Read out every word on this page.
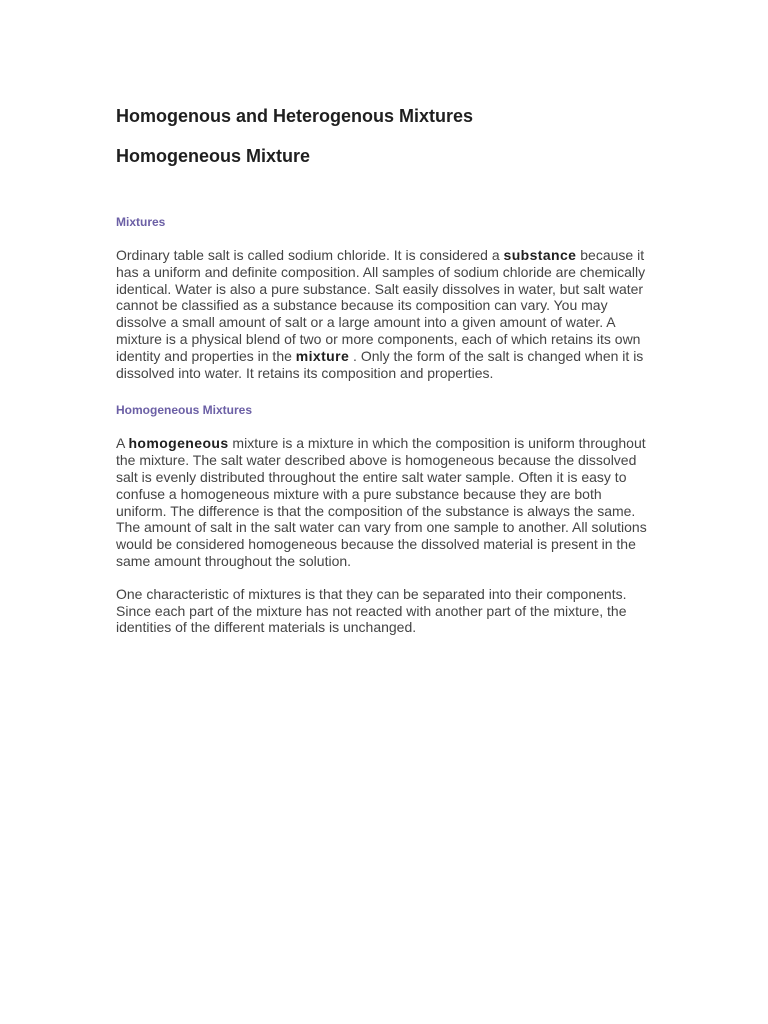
Homogenous and Heterogenous Mixtures
Homogeneous Mixture
Mixtures

Ordinary table salt is called sodium chloride. It is considered a substance because it has a uniform and definite composition. All samples of sodium chloride are chemically identical. Water is also a pure substance. Salt easily dissolves in water, but salt water cannot be classified as a substance because its composition can vary. You may dissolve a small amount of salt or a large amount into a given amount of water. A mixture is a physical blend of two or more components, each of which retains its own identity and properties in the mixture . Only the form of the salt is changed when it is dissolved into water. It retains its composition and properties.

Homogeneous Mixtures

A homogeneous mixture is a mixture in which the composition is uniform throughout the mixture. The salt water described above is homogeneous because the dissolved salt is evenly distributed throughout the entire salt water sample. Often it is easy to confuse a homogeneous mixture with a pure substance because they are both uniform. The difference is that the composition of the substance is always the same. The amount of salt in the salt water can vary from one sample to another. All solutions would be considered homogeneous because the dissolved material is present in the same amount throughout the solution.

One characteristic of mixtures is that they can be separated into their components. Since each part of the mixture has not reacted with another part of the mixture, the identities of the different materials is unchanged.
